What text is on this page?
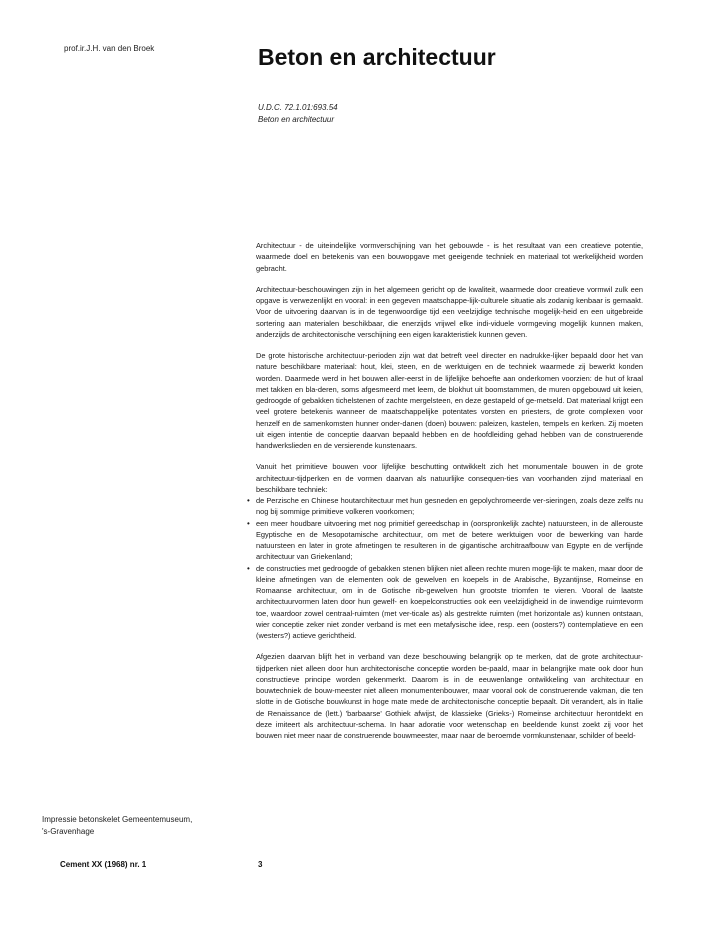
prof.ir.J.H. van den Broek	Beton en architectuur
U.D.C. 72.1.01:693.54
Beton en architectuur

Architectuur - de uiteindelijke vormverschijning van het gebouwde - is het resultaat van een creatieve potentie, waarmede doel en betekenis van een bouwopgave met geeigende techniek en materiaal tot werkelijkheid worden gebracht.

Architectuur-beschouwingen zijn in het algemeen gericht op de kwaliteit, waarmede door creatieve vormwil zulk een opgave is verwezenlijkt en vooral: in een gegeven maatschappe-lijk-culturele situatie als zodanig kenbaar is gemaakt. Voor de uitvoering daarvan is in de tegenwoordige tijd een veelzijdige technische mogelijk-heid en een uitgebreide sortering aan materialen beschikbaar, die enerzijds vrijwel elke indi-viduele vormgeving mogelijk kunnen maken, anderzijds de architectonische verschijning een eigen karakteristiek kunnen geven.

De grote historische architectuur-perioden zijn wat dat betreft veel directer en nadrukke-lijker bepaald door het van nature beschikbare materiaal: hout, klei, steen, en de werktuigen en de techniek waarmede zij bewerkt konden worden. Daarmede werd in het bouwen aller-eerst in de lijfelijke behoefte aan onderkomen voorzien: de hut of kraal met takken en bla-deren, soms afgesmeerd met leem, de blokhut uit boomstammen, de muren opgebouwd uit keien, gedroogde of gebakken tichelstenen of zachte mergelsteen, en deze gestapeld of ge-metseld. Dat materiaal krijgt een veel grotere betekenis wanneer de maatschappelijke potentates vorsten en priesters, de grote complexen voor henzelf en de samenkomsten hunner onder-danen (doen) bouwen: paleizen, kastelen, tempels en kerken. Zij moeten uit eigen intentie de conceptie daarvan bepaald hebben en de hoofdleiding gehad hebben van de construerende handwerkslieden en de versierende kunstenaars.

Vanuit het primitieve bouwen voor lijfelijke beschutting ontwikkelt zich het monumentale bouwen in de grote architectuur-tijdperken en de vormen daarvan als natuurlijke consequen-ties van voorhanden zijnd materiaal en beschikbare techniek:

• de Perzische en Chinese houtarchitectuur met hun gesneden en gepolychromeerde ver-sieringen, zoals deze zelfs nu nog bij sommige primitieve volkeren voorkomen;

• een meer houdbare uitvoering met nog primitief gereedschap in (oorspronkelijk zachte) natuursteen, in de allerouste Egyptische en de Mesopotamische architectuur, om met de betere werktuigen voor de bewerking van harde natuursteen en later in grote afmetingen te resulteren in de gigantische architraafbouw van Egypte en de verfijnde architectuur van Griekenland;

• de constructies met gedroogde of gebakken stenen blijken niet alleen rechte muren moge-lijk te maken, maar door de kleine afmetingen van de elementen ook de gewelven en koepels in de Arabische, Byzantijnse, Romeinse en Romaanse architectuur, om in de Gotische rib-gewelven hun grootste triomfen te vieren. Vooral de laatste architectuurvormen laten door hun gewelf- en koepelconstructies ook een veelzijdigheid in de inwendige ruimtevorm toe, waardoor zowel centraal-ruimten (met ver-ticale as) als gestrekte ruimten (met horizontale as) kunnen ontstaan, wier conceptie zeker niet zonder verband is met een metafysische idee, resp. een (oosters?) contemplatieve en een (westers?) actieve gerichtheid.

Afgezien daarvan blijft het in verband van deze beschouwing belangrijk op te merken, dat de grote architectuur-tijdperken niet alleen door hun architectonische conceptie worden be-paald, maar in belangrijke mate ook door hun constructieve principe worden gekenmerkt. Daarom is in de eeuwenlange ontwikkeling van architectuur en bouwtechniek de bouw-meester niet alleen monumentenbouwer, maar vooral ook de construerende vakman, die ten slotte in de Gotische bouwkunst in hoge mate mede de architectonische conceptie bepaalt. Dit verandert, als in Italie de Renaissance de (lett.) 'barbaarse' Gothiek afwijst, de klassieke (Grieks-) Romeinse architectuur herontdekt en deze imiteert als architectuur-schema. In haar adoratie voor wetenschap en beeldende kunst zoekt zij voor het bouwen niet meer naar de construerende bouwmeester, maar naar de beroemde vormkunstenaar, schilder of beeld-

Impressie betonskelet Gemeentemuseum,
's-Gravenhage
Cement XX (1968) nr. 1	3
